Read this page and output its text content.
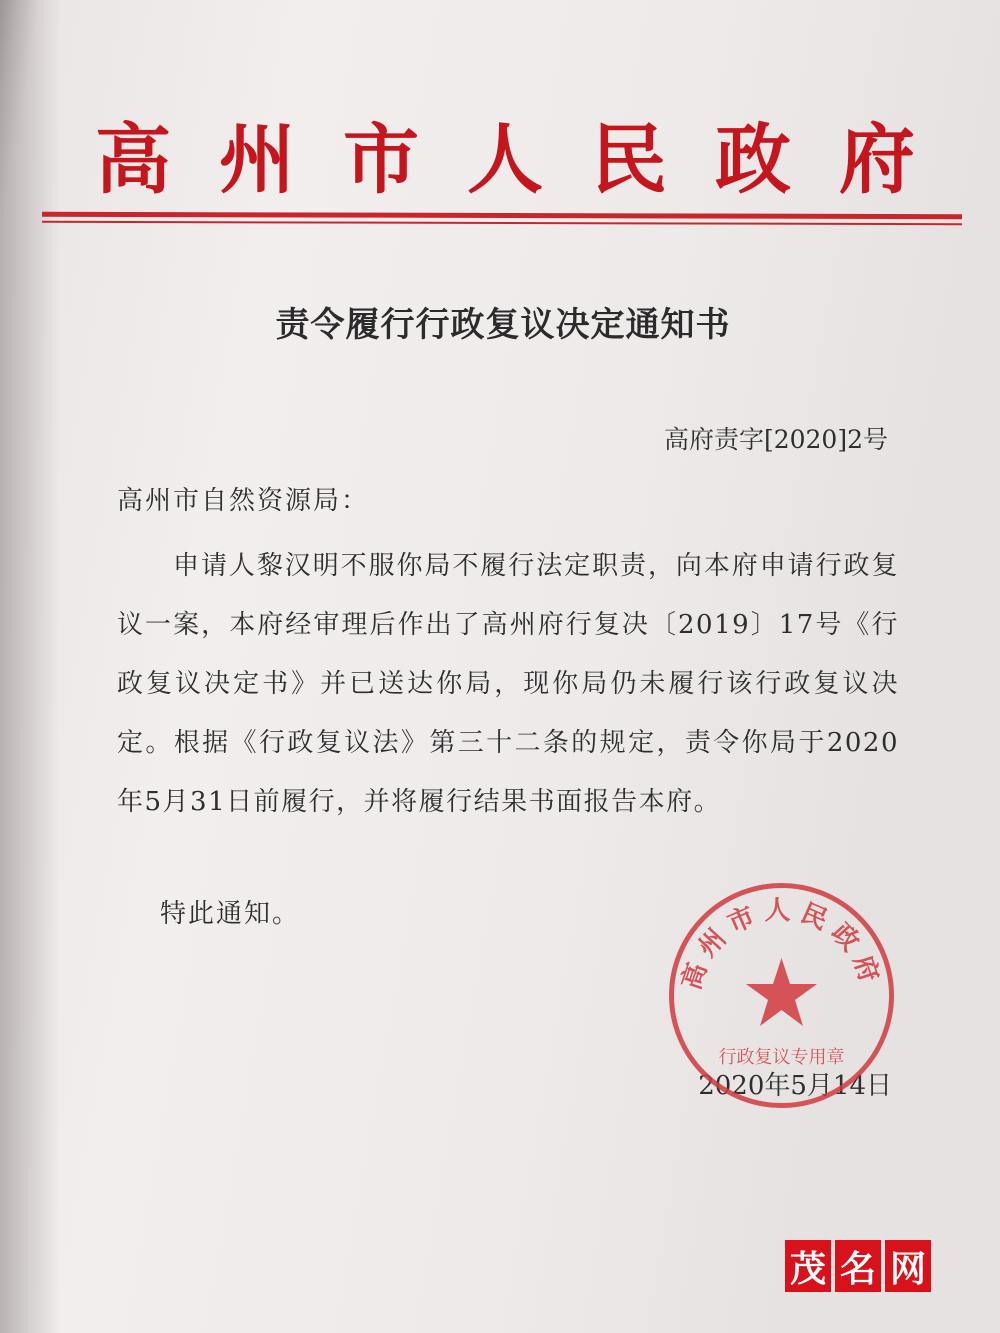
高 州 市 人 民 政 府
责令履行行政复议决定通知书
高府责字[2020]2号
高州市自然资源局：
申请人黎汉明不服你局不履行法定职责，向本府申请行政复议一案，本府经审理后作出了高州府行复决〔2019〕17号《行政复议决定书》并已送达你局，现你局仍未履行该行政复议决定。根据《行政复议法》第三十二条的规定，责令你局于2020年5月31日前履行，并将履行结果书面报告本府。
特此通知。
2020年5月14日
高州市人民政府
行政复议专用章
茂 名 网
